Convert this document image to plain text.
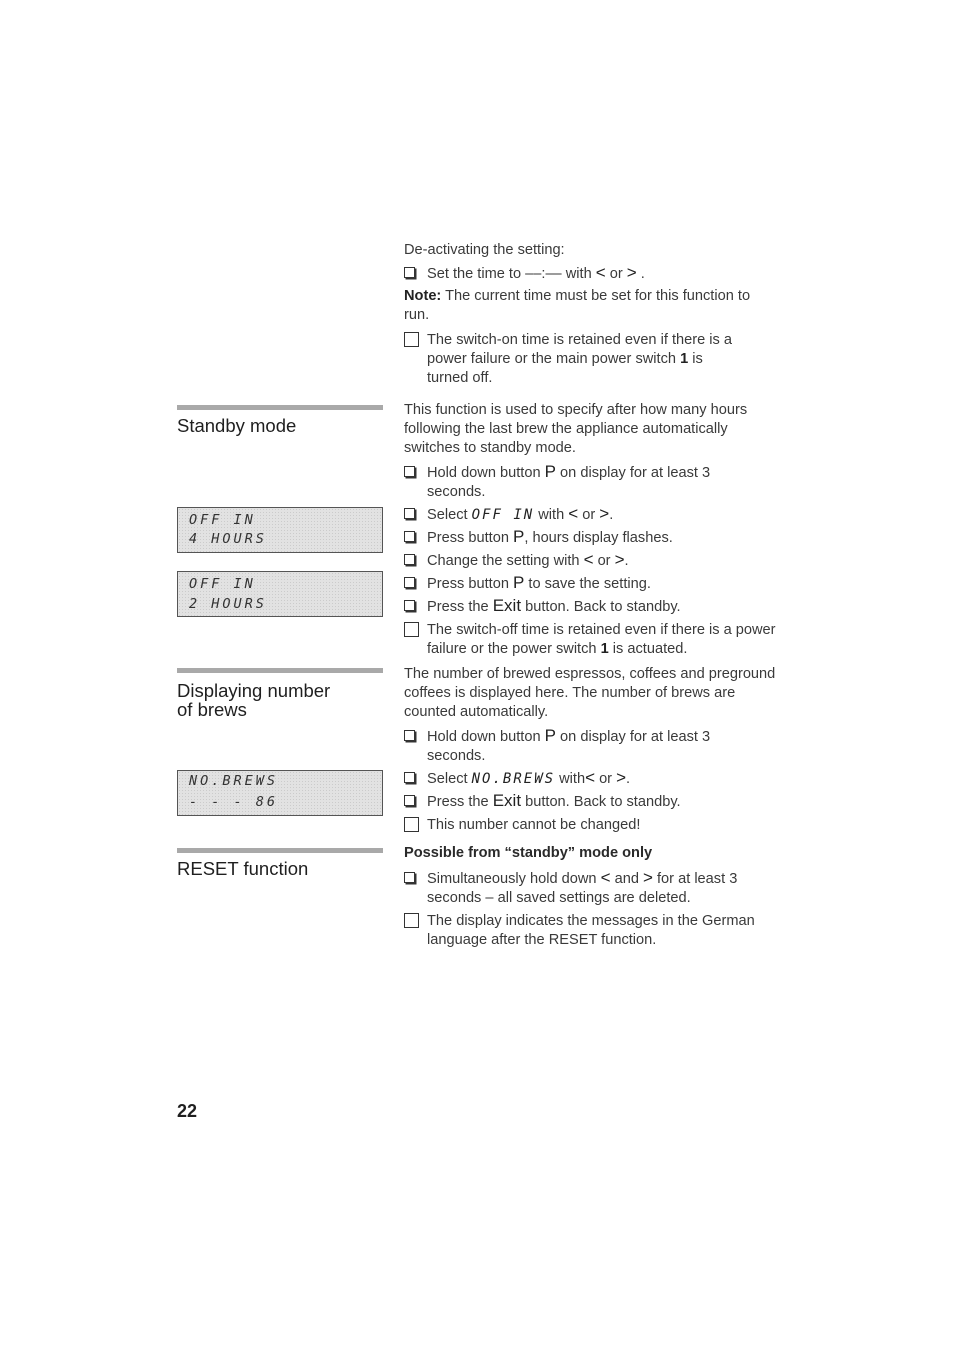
De-activating the setting:

Set the time to ––:–– with < or > .

Note: The current time must be set for this function to run.

The switch-on time is retained even if there is a power failure or the main power switch 1 is turned off.

Standby mode
OFF IN
4 HOURS
OFF IN
2 HOURS

This function is used to specify after how many hours following the last brew the appliance automatically switches to standby mode.

Hold down button P on display for at least 3 seconds.

Select OFF IN with < or >.

Press button P, hours display flashes.

Change the setting with < or >.

Press button P to save the setting.

Press the Exit button. Back to standby.

The switch-off time is retained even if there is a power failure or the power switch 1 is actuated.

Displaying number
of brews
NO.BREWS
- - - 86

The number of brewed espressos, coffees and preground coffees is displayed here. The number of brews are counted automatically.

Hold down button P on display for at least 3 seconds.

Select NO.BREWS with< or >.

Press the Exit button. Back to standby.

This number cannot be changed!

RESET function

Possible from “standby” mode only

Simultaneously hold down < and > for at least 3 seconds – all saved settings are deleted.

The display indicates the messages in the German language after the RESET function.

22
